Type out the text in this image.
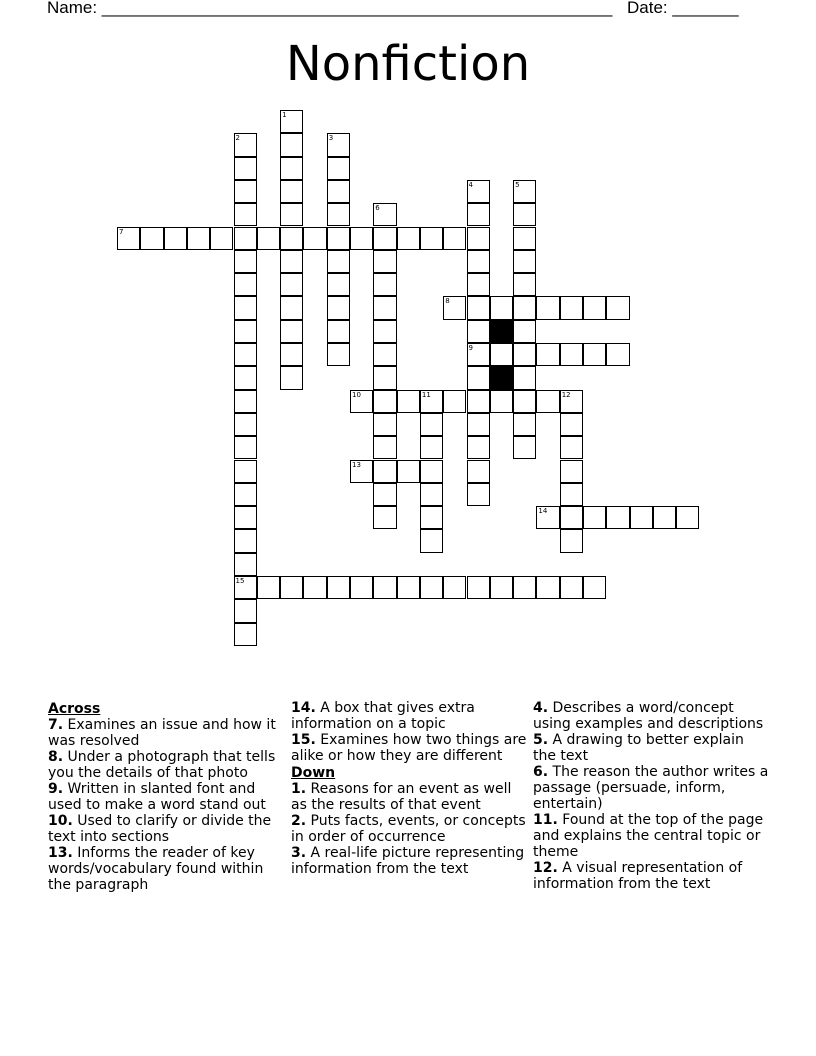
Name: ______________________________________________________ Date: _______
Nonfiction
1
2
15
3
4
9
5
6
7
8
10	11	12
13
14
Across
7. Examines an issue and how it was resolved
8. Under a photograph that tells you the details of that photo
9. Written in slanted font and used to make a word stand out
10. Used to clarify or divide the text into sections
13. Informs the reader of key words/vocabulary found within the paragraph
14. A box that gives extra information on a topic
15. Examines how two things are alike or how they are different
Down
1. Reasons for an event as well as the results of that event
2. Puts facts, events, or concepts in order of occurrence
3. A real-life picture representing information from the text
4. Describes a word/concept using examples and descriptions
5. A drawing to better explain the text
6. The reason the author writes a passage (persuade, inform, entertain)
11. Found at the top of the page and explains the central topic or theme
12. A visual representation of information from the text
